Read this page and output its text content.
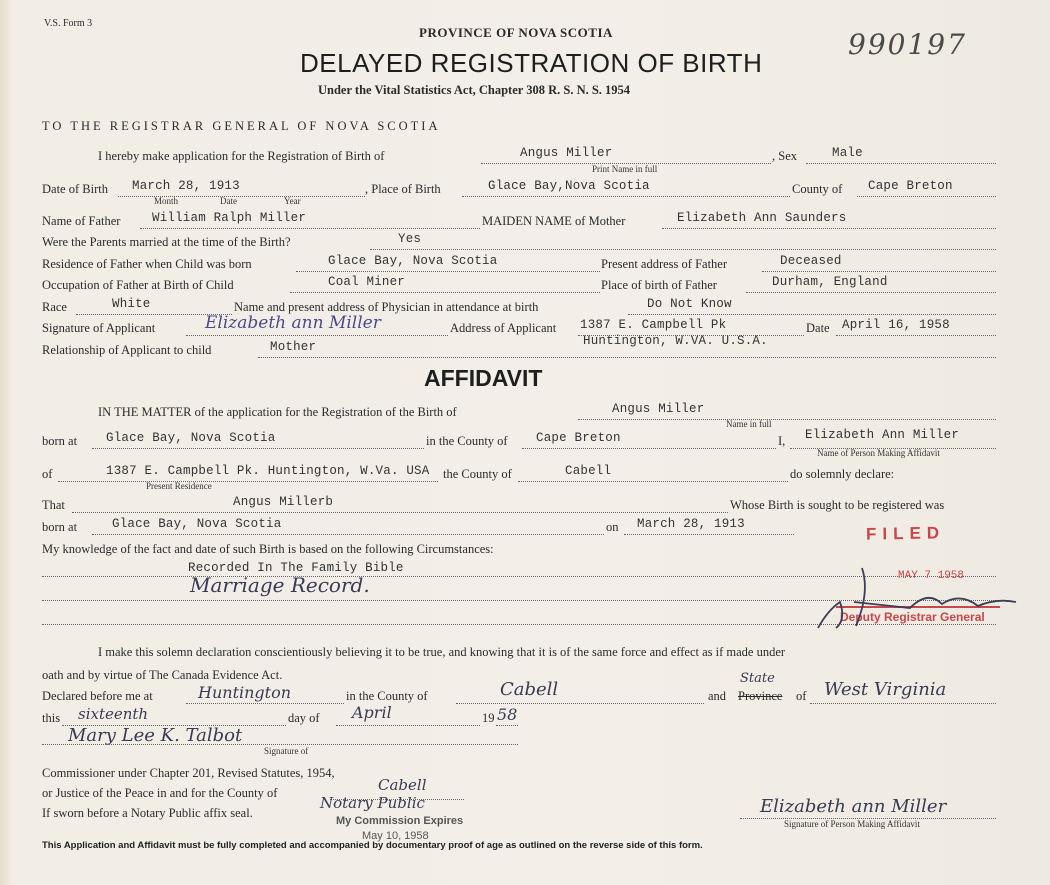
V.S. Form 3
PROVINCE OF NOVA SCOTIA
DELAYED REGISTRATION OF BIRTH
Under the Vital Statistics Act, Chapter 308 R. S. N. S. 1954
990197
TO THE REGISTRAR GENERAL OF NOVA SCOTIA
I hereby make application for the Registration of Birth of	Angus Miller
Print Name in full
, Sex	Male
Date of Birth March 28, 1913
Month	Date	Year
, Place of Birth	Glace Bay,Nova Scotia	County of Cape Breton
Name of Father	William Ralph Miller	MAIDEN NAME of Mother	Elizabeth Ann Saunders
Were the Parents married at the time of the Birth?	Yes
Residence of Father when Child was born	Glace Bay, Nova Scotia	Present address of Father	Deceased
Occupation of Father at Birth of Child	Coal Miner	Place of birth of Father	Durham, England
Race	White	Name and present address of Physician in attendance at birth	Do Not Know
Signature of Applicant	Elizabeth ann Miller	Address of Applicant 1387 E. Campbell Pk	Date April 16, 1958
Relationship of Applicant to child	Mother	Huntington, W.VA. U.S.A.
AFFIDAVIT
IN THE MATTER of the application for the Registration of the Birth of	Angus Miller
Name in full
born at Glace Bay, Nova Scotia	in the County of Cape Breton	I, Elizabeth Ann Miller
Name of Person Making Affidavit
of	1387 E. Campbell Pk. Huntington, W.Va. USA
Present Residence
the County of	Cabell	do solemnly declare:
That	Angus Millerb	Whose Birth is sought to be registered was
born at	Glace Bay, Nova Scotia	on March 28, 1913
My knowledge of the fact and date of such Birth is based on the following Circumstances:
Recorded In The Family Bible
Marriage Record.
FILED
MAY 7 1958
Deputy Registrar General
I make this solemn declaration conscientiously believing it to be true, and knowing that it is of the same force and effect as if made under
oath and by virtue of The Canada Evidence Act.
Declared before me at	Huntington	in the County of	Cabell	and
State
Province of West Virginia
this sixteenth	day of April	19 58
Mary Lee K. Talbot
Signature of
Commissioner under Chapter 201, Revised Statutes, 1954,
or Justice of the Peace in and for the County of	Cabell
If sworn before a Notary Public affix seal.
Notary Public
My Commission Expires
May 10, 1958
Elizabeth ann Miller
Signature of Person Making Affidavit
This Application and Affidavit must be fully completed and accompanied by documentary proof of age as outlined on the reverse side of this form.
